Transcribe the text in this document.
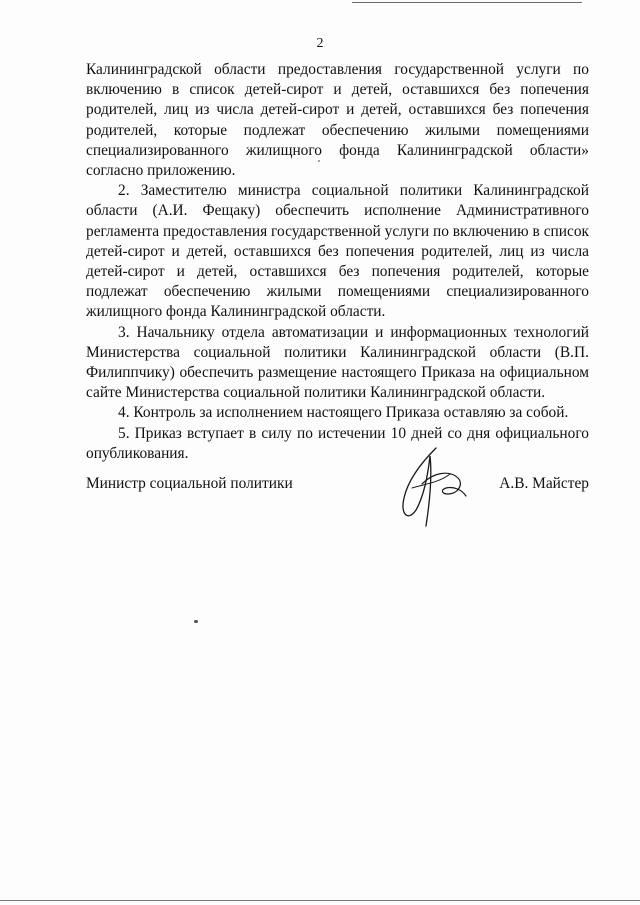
2

Калининградской области предоставления государственной услуги по включению в список детей-сирот и детей, оставшихся без попечения родителей, лиц из числа детей-сирот и детей, оставшихся без попечения родителей, которые подлежат обеспечению жилыми помещениями специализированного жилищного фонда Калининградской области» согласно приложению.

2. Заместителю министра социальной политики Калининградской области (А.И. Фещаку) обеспечить исполнение Административного регламента предоставления государственной услуги по включению в список детей-сирот и детей, оставшихся без попечения родителей, лиц из числа детей-сирот и детей, оставшихся без попечения родителей, которые подлежат обеспечению жилыми помещениями специализированного жилищного фонда Калининградской области.

3. Начальнику отдела автоматизации и информационных технологий Министерства социальной политики Калининградской области (В.П. Филиппчику) обеспечить размещение настоящего Приказа на официальном сайте Министерства социальной политики Калининградской области.

4. Контроль за исполнением настоящего Приказа оставляю за собой.

5. Приказ вступает в силу по истечении 10 дней со дня официального опубликования.

Министр социальной политики	А.В. Майстер
